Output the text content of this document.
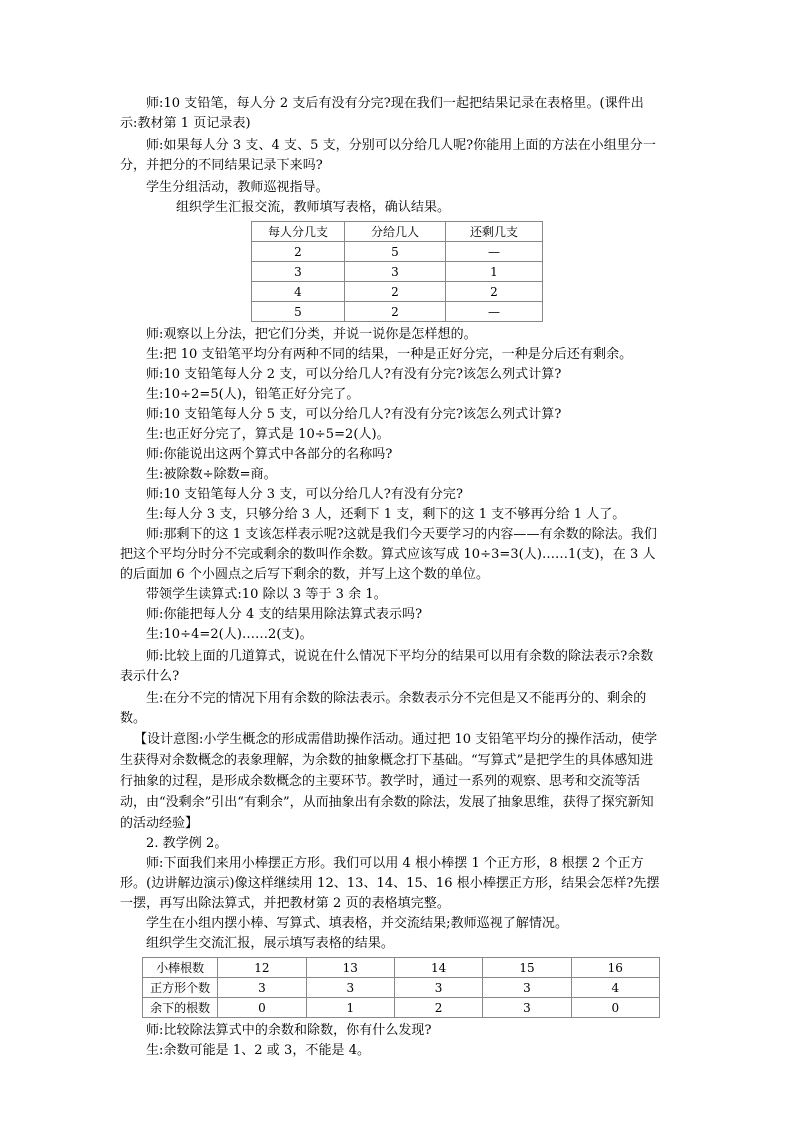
师:10 支铅笔，每人分 2 支后有没有分完?现在我们一起把结果记录在表格里。(课件出示:教材第 1 页记录表)

师:如果每人分 3 支、4 支、5 支，分别可以分给几人呢?你能用上面的方法在小组里分一分，并把分的不同结果记录下来吗?

学生分组活动，教师巡视指导。

组织学生汇报交流，教师填写表格，确认结果。

每人分几支	分给几人	还剩几支
2	5	—
3	3	1
4	2	2
5	2	—

师:观察以上分法，把它们分类，并说一说你是怎样想的。

生:把 10 支铅笔平均分有两种不同的结果，一种是正好分完，一种是分后还有剩余。

师:10 支铅笔每人分 2 支，可以分给几人?有没有分完?该怎么列式计算?

生:10÷2=5(人)，铅笔正好分完了。

师:10 支铅笔每人分 5 支，可以分给几人?有没有分完?该怎么列式计算?

生:也正好分完了，算式是 10÷5=2(人)。

师:你能说出这两个算式中各部分的名称吗?

生:被除数÷除数=商。

师:10 支铅笔每人分 3 支，可以分给几人?有没有分完?

生:每人分 3 支，只够分给 3 人，还剩下 1 支，剩下的这 1 支不够再分给 1 人了。

师:那剩下的这 1 支该怎样表示呢?这就是我们今天要学习的内容——有余数的除法。我们把这个平均分时分不完或剩余的数叫作余数。算式应该写成 10÷3=3(人)……1(支)，在 3 人的后面加 6 个小圆点之后写下剩余的数，并写上这个数的单位。

带领学生读算式:10 除以 3 等于 3 余 1。

师:你能把每人分 4 支的结果用除法算式表示吗?

生:10÷4=2(人)……2(支)。

师:比较上面的几道算式，说说在什么情况下平均分的结果可以用有余数的除法表示?余数表示什么?

生:在分不完的情况下用有余数的除法表示。余数表示分不完但是又不能再分的、剩余的数。

【设计意图:小学生概念的形成需借助操作活动。通过把 10 支铅笔平均分的操作活动，使学生获得对余数概念的表象理解，为余数的抽象概念打下基础。“写算式”是把学生的具体感知进行抽象的过程，是形成余数概念的主要环节。教学时，通过一系列的观察、思考和交流等活动，由“没剩余”引出“有剩余”，从而抽象出有余数的除法，发展了抽象思维，获得了探究新知的活动经验】

2. 教学例 2。

师:下面我们来用小棒摆正方形。我们可以用 4 根小棒摆 1 个正方形，8 根摆 2 个正方形。(边讲解边演示)像这样继续用 12、13、14、15、16 根小棒摆正方形，结果会怎样?先摆一摆，再写出除法算式，并把教材第 2 页的表格填完整。

学生在小组内摆小棒、写算式、填表格，并交流结果;教师巡视了解情况。

组织学生交流汇报，展示填写表格的结果。

小棒根数	12	13	14	15	16
正方形个数	3	3	3	3	4
余下的根数	0	1	2	3	0

师:比较除法算式中的余数和除数，你有什么发现?

生:余数可能是 1、2 或 3，不能是 4。
